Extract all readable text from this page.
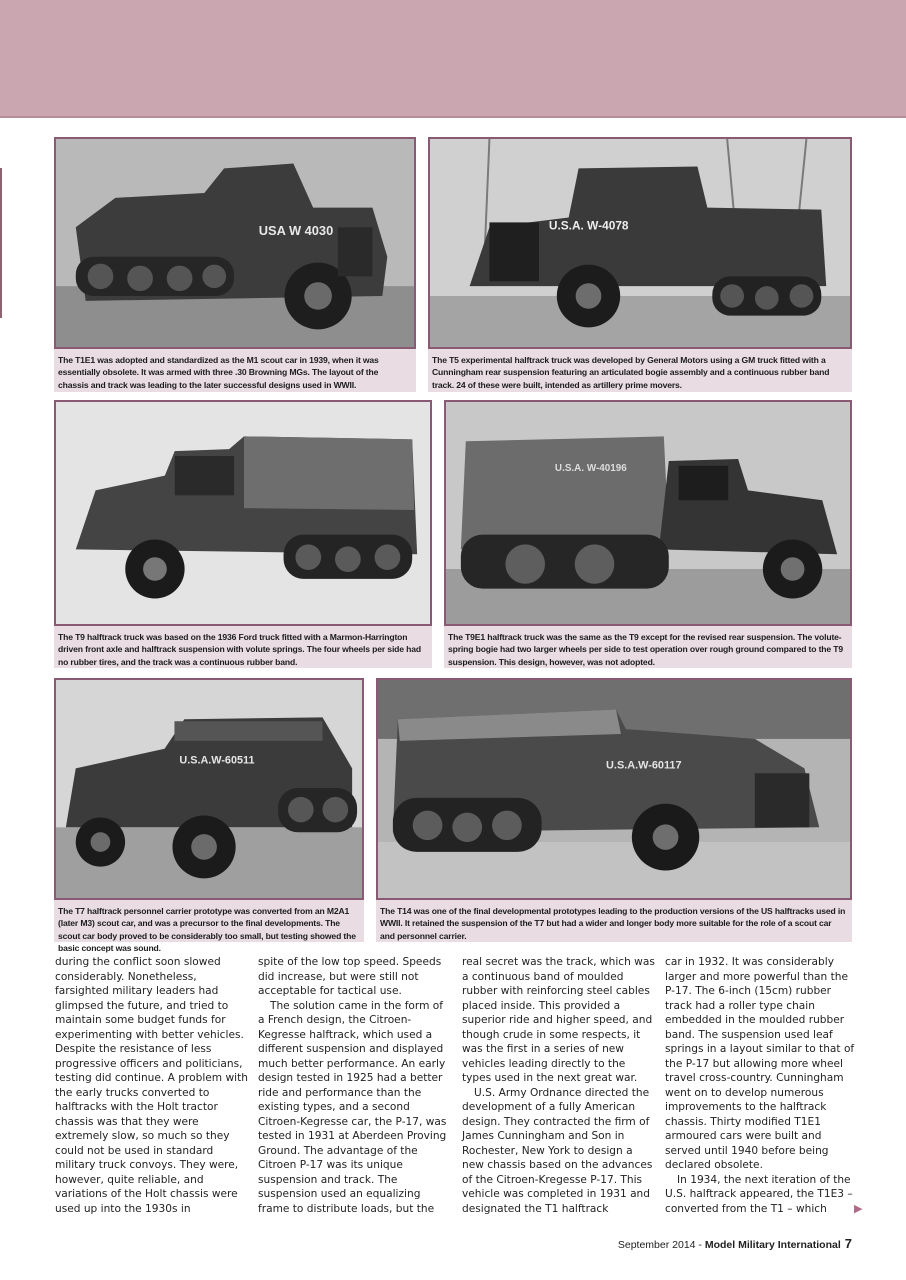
USA W 4030
The T1E1 was adopted and standardized as the M1 scout car in 1939, when it was essentially obsolete. It was armed with three .30 Browning MGs. The layout of the chassis and track was leading to the later successful designs used in WWII.
U.S.A. W-4078
The T5 experimental halftrack truck was developed by General Motors using a GM truck fitted with a Cunningham rear suspension featuring an articulated bogie assembly and a continuous rubber band track. 24 of these were built, intended as artillery prime movers.
The T9 halftrack truck was based on the 1936 Ford truck fitted with a Marmon-Harrington driven front axle and halftrack suspension with volute springs. The four wheels per side had no rubber tires, and the track was a continuous rubber band.
U.S.A. W-40196
The T9E1 halftrack truck was the same as the T9 except for the revised rear suspension. The volute-spring bogie had two larger wheels per side to test operation over rough ground compared to the T9 suspension. This design, however, was not adopted.
U.S.A.W-60511
The T7 halftrack personnel carrier prototype was converted from an M2A1 (later M3) scout car, and was a precursor to the final developments. The scout car body proved to be considerably too small, but testing showed the basic concept was sound.
U.S.A.W-60117
The T14 was one of the final developmental prototypes leading to the production versions of the US halftracks used in WWII. It retained the suspension of the T7 but had a wider and longer body more suitable for the role of a scout car and personnel carrier.

during the conflict soon slowed considerably. Nonetheless, farsighted military leaders had glimpsed the future, and tried to maintain some budget funds for experimenting with better vehicles. Despite the resistance of less progressive officers and politicians, testing did continue. A problem with the early trucks converted to halftracks with the Holt tractor chassis was that they were extremely slow, so much so they could not be used in standard military truck convoys. They were, however, quite reliable, and variations of the Holt chassis were used up into the 1930s in

spite of the low top speed. Speeds did increase, but were still not acceptable for tactical use.

The solution came in the form of a French design, the Citroen-Kegresse halftrack, which used a different suspension and displayed much better performance. An early design tested in 1925 had a better ride and performance than the existing types, and a second Citroen-Kegresse car, the P-17, was tested in 1931 at Aberdeen Proving Ground. The advantage of the Citroen P-17 was its unique suspension and track. The suspension used an equalizing frame to distribute loads, but the

real secret was the track, which was a continuous band of moulded rubber with reinforcing steel cables placed inside. This provided a superior ride and higher speed, and though crude in some respects, it was the first in a series of new vehicles leading directly to the types used in the next great war.

U.S. Army Ordnance directed the development of a fully American design. They contracted the firm of James Cunningham and Son in Rochester, New York to design a new chassis based on the advances of the Citroen-Kregesse P-17. This vehicle was completed in 1931 and designated the T1 halftrack

car in 1932. It was considerably larger and more powerful than the P-17. The 6-inch (15cm) rubber track had a roller type chain embedded in the moulded rubber band. The suspension used leaf springs in a layout similar to that of the P-17 but allowing more wheel travel cross-country. Cunningham went on to develop numerous improvements to the halftrack chassis. Thirty modified T1E1 armoured cars were built and served until 1940 before being declared obsolete.

In 1934, the next iteration of the U.S. halftrack appeared, the T1E3 – converted from the T1 – which	▶
September 2014 - Model Military International 7
